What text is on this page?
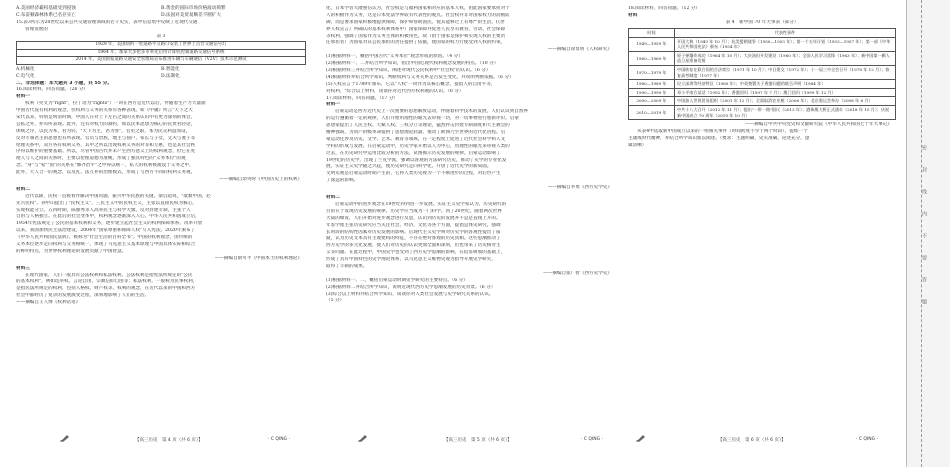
A.美国经济霸权基础受到侵蚀	B.黄金的国际市场价格波动频繁
C.布雷顿森林体系已名存实亡	D.法国对美贸易顺差不断扩大
15.表3所示为20世纪以来公共交通管理领域的若干史实，表中信息集中反映了近现代交通
管理发展的
表 3
1929 年，美国纽约一处道路平交路口安装了世界上首台交通信号灯
1964 年，加拿大多伦多市率先启用计算机控制道路交通信号系统
2014 年，美国国家道路交通安全管理局宣布推进车辆与车辆通信（V2V）技术示范测试
A.机械化	B.智能化
C.电气化	D.法制化
二、非选择题：本大题共 3 小题，共 55 分。
16.阅读材料，回答问题。（26 分）
材料一
权利（英文为"right"，拉丁语为"rights"）一词在西方是近代以后，伴随着生产力大量涌
中国古代没有权利的观念，但权利与义务的关系有各种表现。如《中庸》所言"天下之大
宋代以来，特别是明清时期，中国人在对上下左右之间的关系认识中有更为深刻的体会，
公私之外，亦有所表现。此外，还有对权力的制约，如以民本思想为核心的民贵君轻论，
体统之序，以民为本，君为轻，"天下为主，君为客"，官吏之职，本为民众利益而设，
反对专制君主的思想也有所表现。官员与贵族，地主与佃户，家长与子女，丈夫与妻子等
伦理关系中，双方各有权利义务，其中之所以出现权利义务的对等和互惠，也是其社会秩
序得以维护的重要基础。所以，尽管中国古代并未产生西方意义上的权利观念，但它在处
理人与人之间的关系时，主要以伦理道德为准绳，形成了独具特色的"义务本位"的观
念。"身"与"家""国"的关系在"修齐治平"之中得以统一，私人的权利被淹没于义务之中，
此外，天人合一的观念，以及礼、法互补的治理模式，形成了与西方不同的权利义务观。
——摘编自余英时《中国历史上的权利》
材料二
近代以降，民权一直被看作解决中国问题、振兴中华民族的关键。梁启超说，"欲救中国，必
先兴民权"。孙中山提出了"民权主义"，三民主义中的民权主义，主张以直接民权为核心，
实现权能分立。五四时期，陈独秀等人高举民主与科学大旗，反对封建专制，主张个人
自由与人格独立。在此后的社会变革中，权利观念逐渐深入人心。中华人民共和国成立后，
1954年宪法规定了公民的基本权利和义务，逐步建立起社会主义的权利保障体系。改革开放
以来，我国加快民主法治建设，2004年"国家尊重和保障人权"写入宪法，2020年颁布了
《中华人民共和国民法典》，被称为"社会生活的百科全书"。中国的权利观念，由传统的
义务本位逐步走向权利与义务相统一，体现了马克思主义基本原理与中国具体实际相结合
的鲜明特点，为世界权利理论的发展贡献了中国智慧。
——摘编自俞可平《中国本土的权利理论》
材料三
在现代国家，人们一般具有公法权利和私法权利。公法权利是指宪法所规定的"公民
的基本权利"，例如选举权、言论自由、宗教信仰自由等；私法权利，一般称为民事权利，
是指民法所规定的权利，包括人格权、财产权等。权利的观念，在近代以来的中国和西方
社会中都经历了复杂的发展演变过程，深刻地影响了人们的生活。
——摘编自王人博《权利话语》
化，日本学者大隈重信认为，社会权是与福利国家相对应的基本人权，由此国家要承担对个
人的积极作为义务，这是日本宪法学界较有代表性的观点。社会权并非对国家权力的消极防
御，而是要求国家积极地提供保障，保护和帮助国民，使其能够过上有尊严的生活。(《世
界人权宣言》所确认的基本权利体系中）国家保障并促进人民享有教育、劳动、社会保障
等权利，强调了国家作为义务主体的积极角色，故（由于国家是保护和实现人权的主要责
任承担者）为国家对其公民承担的责任提供了依据，使国家的权力行使受到人权的约束。
——摘编自徐显明《人权研究》
(1)根据材料一，概括中国古代"义务本位"观念形成的原因。（4 分）
(2)根据材料一、二并结合所学知识，指出中国近现代权利观念发展的特点。（10 分）
(3)根据材料三并结合所学知识，阐述对现代公民权利中"社会权"的认识。（6 分）
(4)根据材料并结合所学知识，判断权利与义务关系是否发生变化，并说明判断依据。（6 分）
(5)人权宣言于1789年颁布，它以"人权"一词作为其核心概念，提倡人的自由平等，
对权利，"综合以上材料，谈谈你对近代西方权利观的认识。（6 分）
17.阅读材料，回答问题。（17 分）
材料一
启蒙运动是西方近代史上一次重要的思想解放运动，伴随着科学技术的发展，人们认识到自然界
的运行遵循着一定的规律，人们开始用理性的眼光去审视一切，对一切事物进行重新评价。启蒙
思想家提出了人民主权、天赋人权、三权分立等理论，猛烈抨击封建专制制度和天主教会的
精神独裁，为资产阶级革命提供了思想理论武器，推动了欧洲乃至世界的近代化进程。启
蒙运动还涉及历史、文学、艺术、教育等领域，在一定程度上促进了近代社会科学和人文
学科的形成与发展。在启蒙运动中，历史学家开始以人为中心，用理性的眼光来审视人类的
过去，在历史研究中运用比较分析的方法，试图揭示历史发展的规律。启蒙运动影响了
19世纪的历史学，出现了兰克学派，强调以客观的方法研究历史，推动了史学的专业化发
展。实证主义史学随之兴起，使历史研究走向科学化，开创了近代史学的新局面。
文明史观是启蒙运动时期产生的，它将人类历史视为一个不断进步的过程，对后世产生
了深远的影响。
——摘编自李勇《西方史学史》
材料二
启蒙运动中的进步观念在19世纪得到进一步发展。实证主义史学家认为，历史研究的
目的在于发现历史发展的规律，历史学应当成为一门科学。到了20世纪，随着两次世界
大战的爆发，人们开始对进步观念进行反思，认识到历史的发展并不总是直线上升的。
年鉴学派主张历史研究应当关注社会、经济、文化等各个方面，提倡总体史研究，强调
长时段的结构性因素对历史发展的影响。后现代主义史学则对历史学的客观性提出了质
疑，认为历史文本具有主观建构的特征，不存在绝对客观的历史真相。这些思潮推动了
西方史学的多元化发展，使人们对历史的认识更加全面和深刻，但也带来了历史相对主
义等问题。在此过程中，中国史学也受到了西方史学思潮的影响，在借鉴吸收的基础上，
形成了具有中国特色的史学理论体系，以马克思主义唯物史观为指导开展史学研究，
取得了丰硕的成果。
——摘编自张广智《西方史学史》
(1)根据材料一、二，概括启蒙运动时期史学研究的主要特点。（6 分）
(2)根据材料二并结合所学知识，说明近现代西方史学思潮发展的历史背景。（6 分）
(3)综合以上材料并结合所学知识，谈谈你对人类社会发展与史学研究关系的认识。
（5 分）
18.阅读材料，回答问题。（12 分）
材料
表 4　新中国 70 年大事表（部分）
时间	代表性事件
1949—1959 年	开国大典（1949 年 10 月）；抗美援朝战争（1950—1953 年）；第一个五年计划（1953—1957 年）；第一部《中华人民共和国宪法》颁布（1954 年）
1960—1969 年	原子弹爆炸成功（1964 年 10 月）；大庆油田开发建设（1960 年）；全国人民学习雷锋（1963 年）；新中国第一颗人造卫星准备发射
1970—1979 年	中国恢复在联合国的合法席位（1971 年 10 月）；中日建交（1972 年）；十一届三中全会召开（1978 年 12 月）；恢复高考制度（1977 年）
1980—1989 年	设立深圳等经济特区（1980 年）；中英签署关于香港问题的联合声明（1984 年）
1990—1999 年	邓小平南方谈话（1992 年）；香港回归（1997 年 7 月）；澳门回归（1999 年 12 月）
2000—2009 年	中国加入世界贸易组织（2001 年 12 月）；全面取消农业税（2006 年）；北京奥运会举办（2008 年 8 月）
2010—2019 年	中共十八大召开（2012 年 11 月）；提出"一带一路"倡议（2013 年）；港珠澳大桥正式通车（2018 年 10 月）；庆祝新中国成立 70 周年（2019 年 10 月）
——摘编自中共中央党史和文献研究院《中华人民共和国七十年大事记》
从表4中选取新中国成立以来的一组相关事件（时间跨度不少于两个时段），提炼一个
主题或时代精神，并结合所学知识加以阐述。（要求：主题明确，史实准确，论述充分，逻
辑清晰）
【高三历史　第 4 页（共 6 页）】	· C QING ·	【高三历史　第 5 页（共 6 页）】	· C QING ·	【高三历史　第 6 页（共 6 页）】	· C QING ·
密封线内不要答题
